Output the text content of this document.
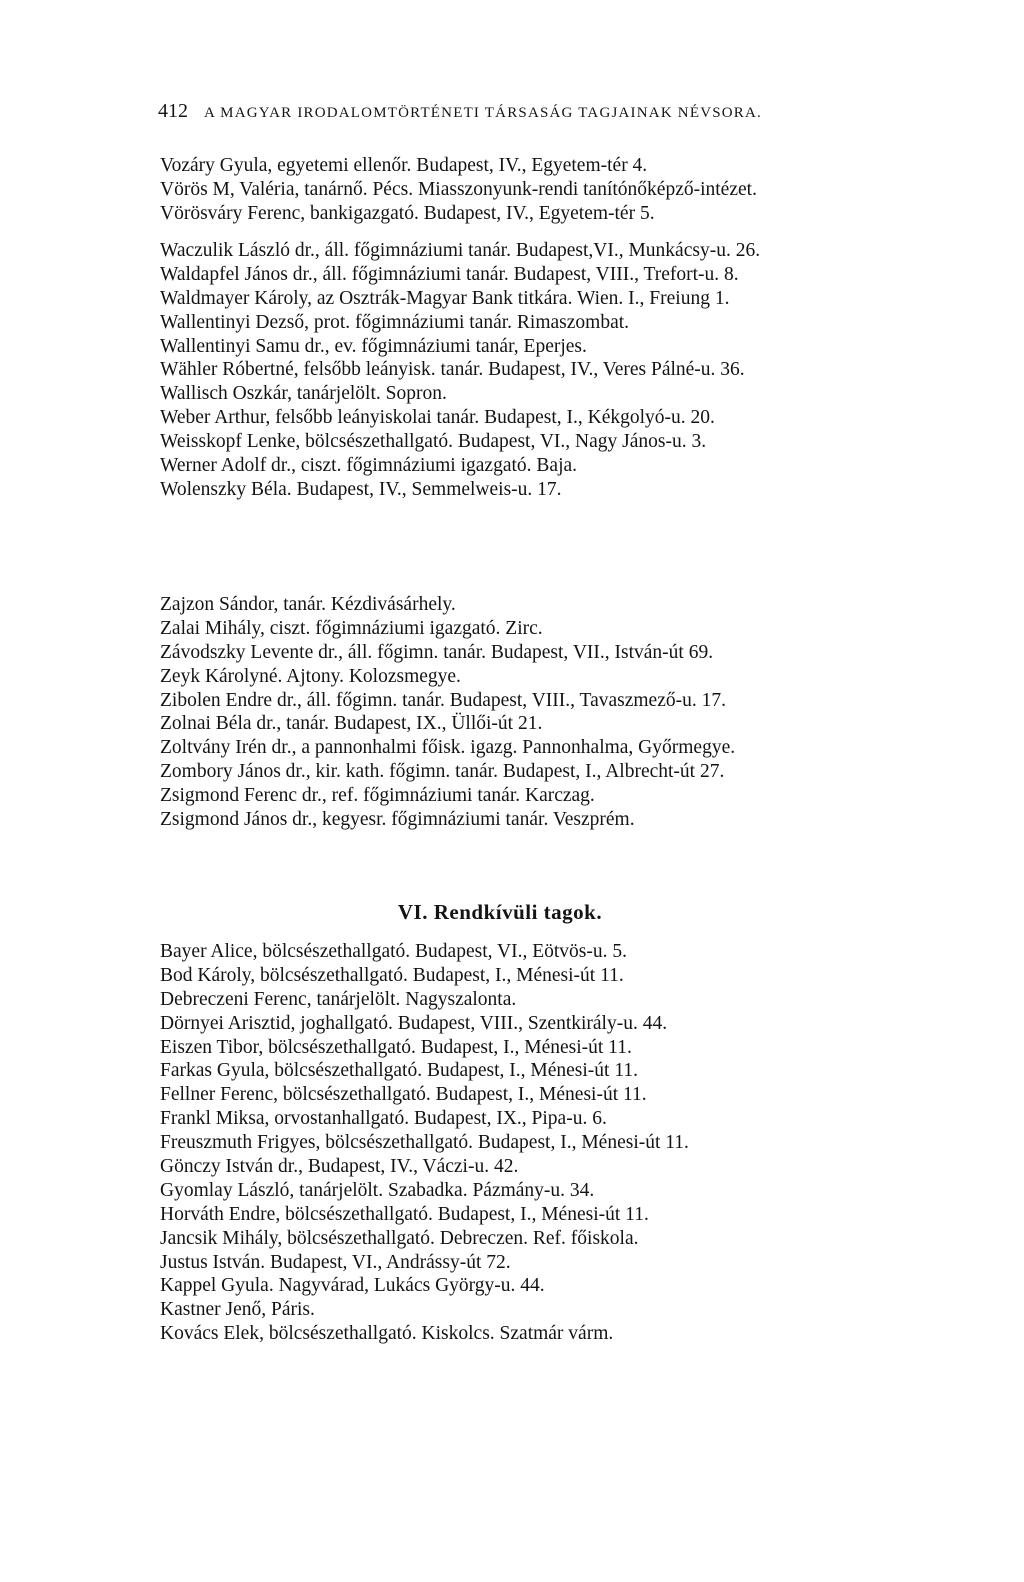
412 A MAGYAR IRODALOMTÖRTÉNETI TÁRSASÁG TAGJAINAK NÉVSORA.
Vozáry Gyula, egyetemi ellenőr. Budapest, IV., Egyetem-tér 4.
Vörös M, Valéria, tanárnő. Pécs. Miasszonyunk-rendi tanítónőképző-intézet.
Vörösváry Ferenc, bankigazgató. Budapest, IV., Egyetem-tér 5.
Waczulik László dr., áll. főgimnáziumi tanár. Budapest,VI., Munkácsy-u. 26.
Waldapfel János dr., áll. főgimnáziumi tanár. Budapest, VIII., Trefort-u. 8.
Waldmayer Károly, az Osztrák-Magyar Bank titkára. Wien. I., Freiung 1.
Wallentinyi Dezső, prot. főgimnáziumi tanár. Rimaszombat.
Wallentinyi Samu dr., ev. főgimnáziumi tanár, Eperjes.
Wähler Róbertné, felsőbb leányisk. tanár. Budapest, IV., Veres Pálné-u. 36.
Wallisch Oszkár, tanárjelölt. Sopron.
Weber Arthur, felsőbb leányiskolai tanár. Budapest, I., Kékgolyó-u. 20.
Weisskopf Lenke, bölcsészethallgató. Budapest, VI., Nagy János-u. 3.
Werner Adolf dr., ciszt. főgimnáziumi igazgató. Baja.
Wolenszky Béla. Budapest, IV., Semmelweis-u. 17.
Zajzon Sándor, tanár. Kézdivásárhely.
Zalai Mihály, ciszt. főgimnáziumi igazgató. Zirc.
Závodszky Levente dr., áll. főgimn. tanár. Budapest, VII., István-út 69.
Zeyk Károlyné. Ajtony. Kolozsmegye.
Zibolen Endre dr., áll. főgimn. tanár. Budapest, VIII., Tavaszmező-u. 17.
Zolnai Béla dr., tanár. Budapest, IX., Üllői-út 21.
Zoltvány Irén dr., a pannonhalmi főisk. igazg. Pannonhalma, Győrmegye.
Zombory János dr., kir. kath. főgimn. tanár. Budapest, I., Albrecht-út 27.
Zsigmond Ferenc dr., ref. főgimnáziumi tanár. Karczag.
Zsigmond János dr., kegyesr. főgimnáziumi tanár. Veszprém.
VI. Rendkívüli tagok.
Bayer Alice, bölcsészethallgató. Budapest, VI., Eötvös-u. 5.
Bod Károly, bölcsészethallgató. Budapest, I., Ménesi-út 11.
Debreczeni Ferenc, tanárjelölt. Nagyszalonta.
Dörnyei Arisztid, joghallgató. Budapest, VIII., Szentkirály-u. 44.
Eiszen Tibor, bölcsészethallgató. Budapest, I., Ménesi-út 11.
Farkas Gyula, bölcsészethallgató. Budapest, I., Ménesi-út 11.
Fellner Ferenc, bölcsészethallgató. Budapest, I., Ménesi-út 11.
Frankl Miksa, orvostanhallgató. Budapest, IX., Pipa-u. 6.
Freuszmuth Frigyes, bölcsészethallgató. Budapest, I., Ménesi-út 11.
Gönczy István dr., Budapest, IV., Váczi-u. 42.
Gyomlay László, tanárjelölt. Szabadka. Pázmány-u. 34.
Horváth Endre, bölcsészethallgató. Budapest, I., Ménesi-út 11.
Jancsik Mihály, bölcsészethallgató. Debreczen. Ref. főiskola.
Justus István. Budapest, VI., Andrássy-út 72.
Kappel Gyula. Nagyvárad, Lukács György-u. 44.
Kastner Jenő, Páris.
Kovács Elek, bölcsészethallgató. Kiskolcs. Szatmár várm.
